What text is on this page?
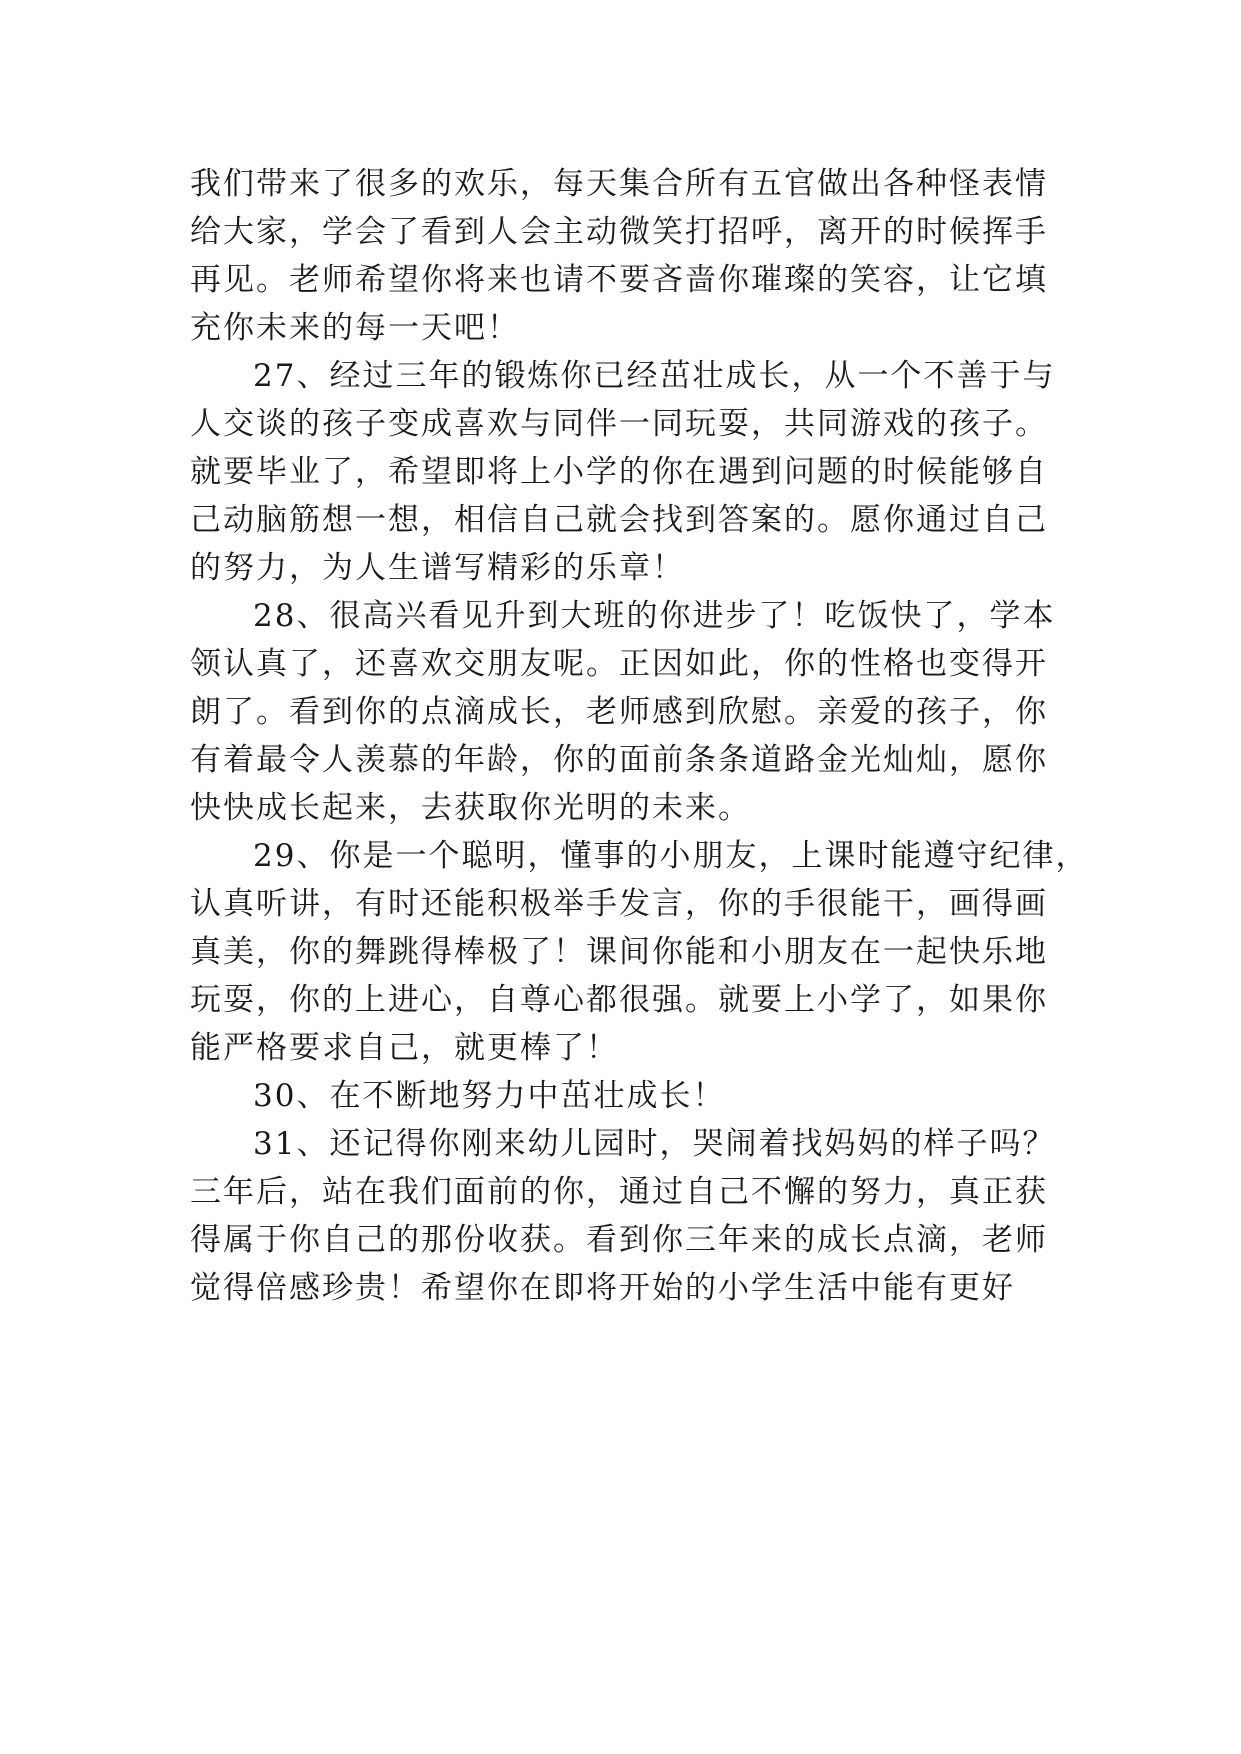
我们带来了很多的欢乐，每天集合所有五官做出各种怪表情
给大家，学会了看到人会主动微笑打招呼，离开的时候挥手
再见。老师希望你将来也请不要吝啬你璀璨的笑容，让它填
充你未来的每一天吧！
27、经过三年的锻炼你已经茁壮成长，从一个不善于与
人交谈的孩子变成喜欢与同伴一同玩耍，共同游戏的孩子。
就要毕业了，希望即将上小学的你在遇到问题的时候能够自
己动脑筋想一想，相信自己就会找到答案的。愿你通过自己
的努力，为人生谱写精彩的乐章！
28、很高兴看见升到大班的你进步了！吃饭快了，学本
领认真了，还喜欢交朋友呢。正因如此，你的性格也变得开
朗了。看到你的点滴成长，老师感到欣慰。亲爱的孩子，你
有着最令人羡慕的年龄，你的面前条条道路金光灿灿，愿你
快快成长起来，去获取你光明的未来。
29、你是一个聪明，懂事的小朋友，上课时能遵守纪律，
认真听讲，有时还能积极举手发言，你的手很能干，画得画
真美，你的舞跳得棒极了！课间你能和小朋友在一起快乐地
玩耍，你的上进心，自尊心都很强。就要上小学了，如果你
能严格要求自己，就更棒了！
30、在不断地努力中茁壮成长！
31、还记得你刚来幼儿园时，哭闹着找妈妈的样子吗？
三年后，站在我们面前的你，通过自己不懈的努力，真正获
得属于你自己的那份收获。看到你三年来的成长点滴，老师
觉得倍感珍贵！希望你在即将开始的小学生活中能有更好
